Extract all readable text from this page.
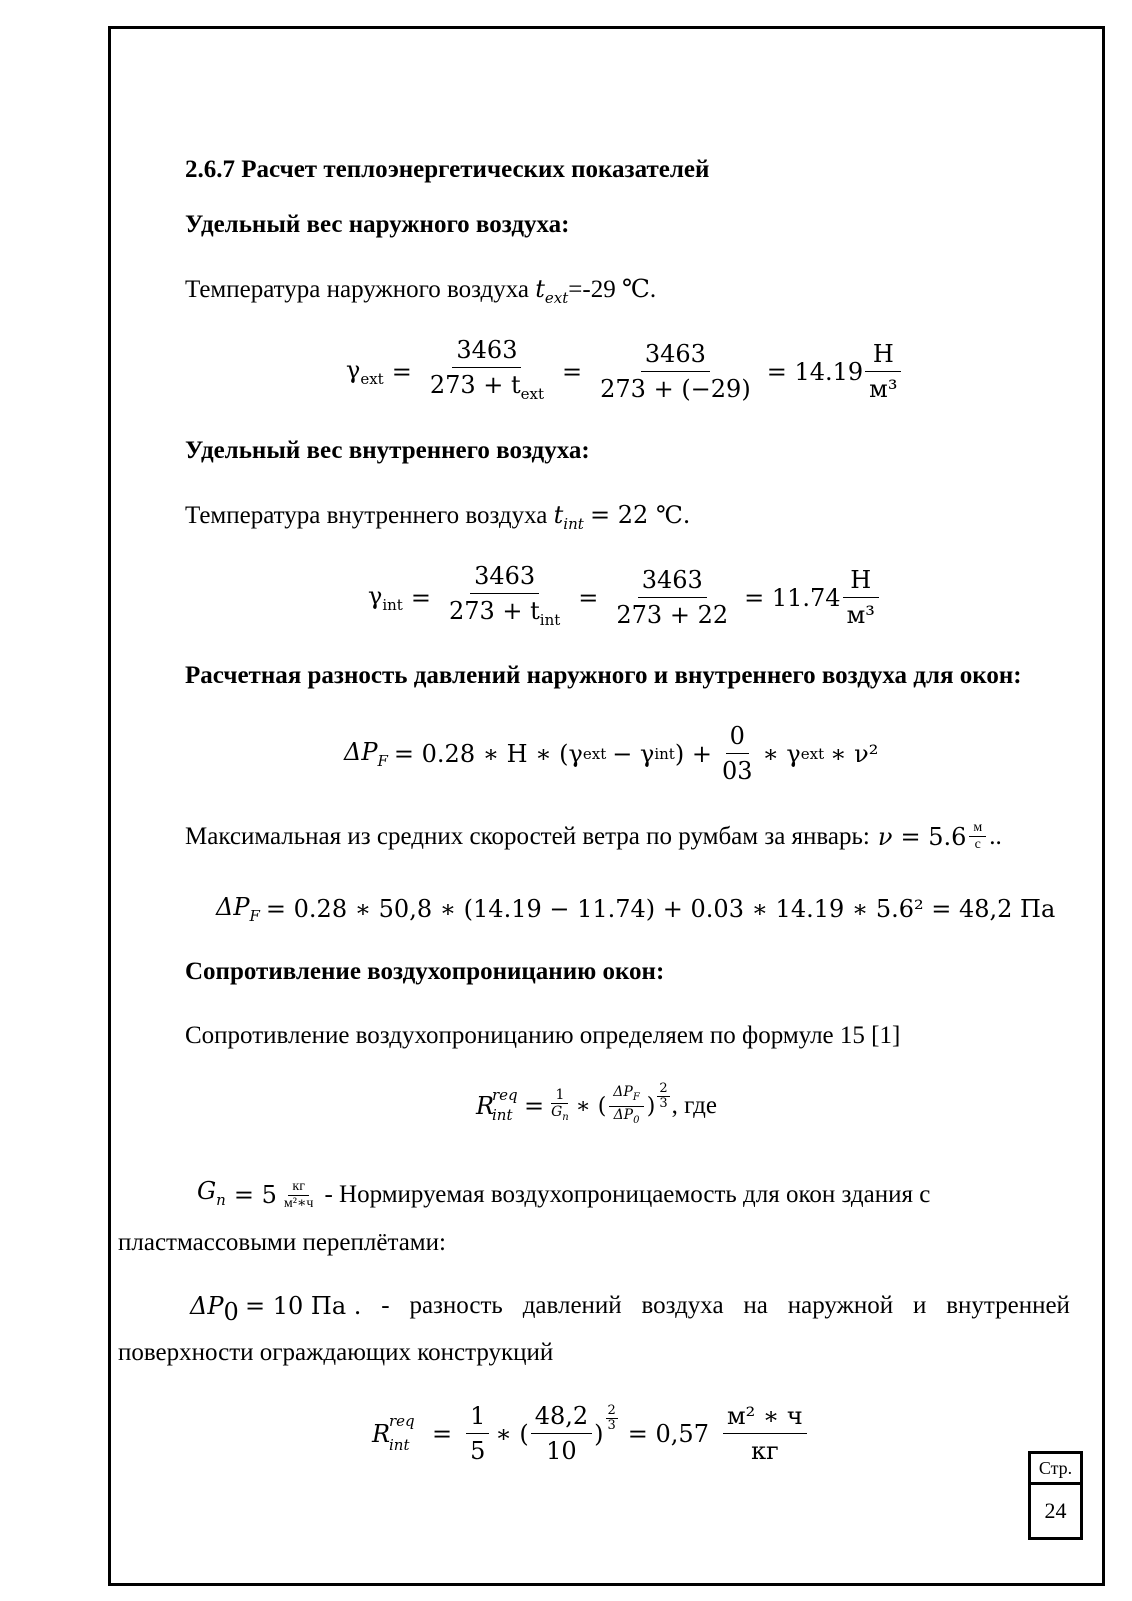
2.6.7 Расчет теплоэнергетических показателей
Удельный вес наружного воздуха:
Температура наружного воздуха $t_{ext}=-29$ ℃.
$\gamma_{ext} = \frac{3463}{273 + t_{ext}} = \frac{3463}{273 + (-29)} = 14.19 \frac{Н}{\text{м³}}$
Удельный вес внутреннего воздуха:
Температура внутреннего воздуха $t_{int} = 22$ ℃.
$\gamma_{int} = \frac{3463}{273 + t_{int}} = \frac{3463}{273 + 22} = 11.74 \frac{Н}{\text{м³}}$
Расчетная разность давлений наружного и внутреннего воздуха для окон:
$\Delta P_F = 0.28$ ∗ Н ∗ (γ ext − γ int ) + $\frac{0}{03}$ ∗ γ ext ∗ ν²
Максимальная из средних скоростей ветра по румбам за январь: $\nu = 5.6 \frac{м}{с}$ ..
$\Delta P_F = 0.28$ ∗ 50,8 ∗ (14.19 − 11.74) + 0.03 ∗ 14.19 ∗ 5.6² = 48,2 Па
Сопротивление воздухопроницанию окон:
Сопротивление воздухопроницанию определяем по формуле 15 [1]
R
req
int = $\frac{1}{G_n}$ ∗ ( $\frac{\Delta P_F}{\Delta P_0}$ ) $\frac{2}{3}$ , где
$G_n = 5 \frac{кг}{\text{м²∗ч}}$ - Нормируемая воздухопроницаемость для окон здания с
пластмассовыми переплётами:
$\Delta P_0 = 10$ Па . - разность давлений воздуха на наружной и внутренней
поверхности ограждающих конструкций
R
req
int = $\frac{1}{5}$ ∗ ( $\frac{48,2}{10}$ )
$\frac{2}{3}$
= $0,57 \frac{\text{м² ∗ ч}}{кг}$
Стр.
24
